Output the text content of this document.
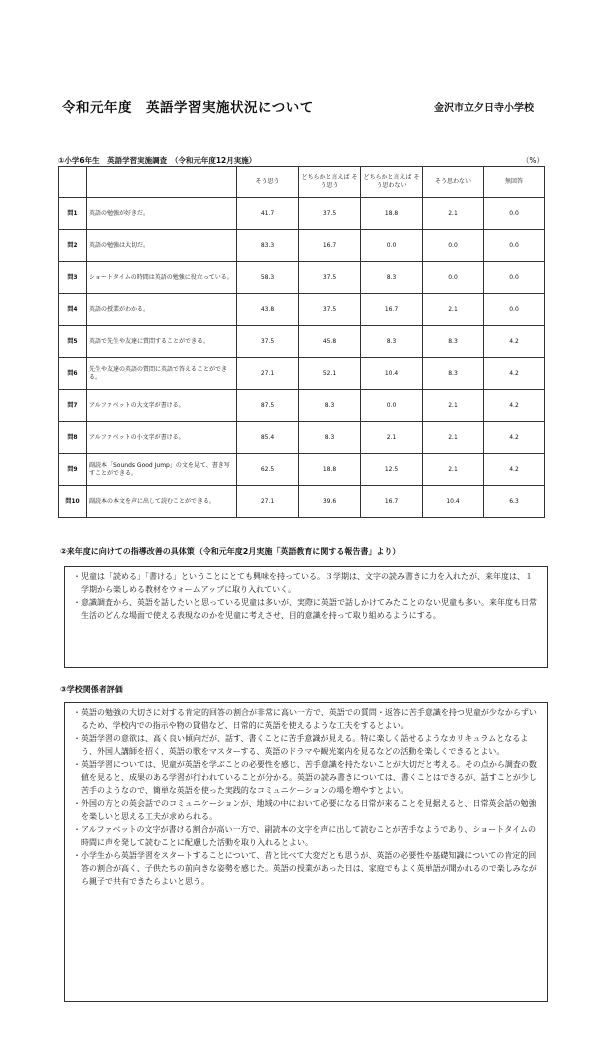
令和元年度　英語学習実施状況について	金沢市立夕日寺小学校
①小学6年生　英語学習実施調査　（令和元年度12月実施）	（%）
		そう思う	どちらかと言えば そう思う	どちらかと言えば そう思わない	そう思わない	無回答
問1	英語の勉強が好きだ。	41.7	37.5	18.8	2.1	0.0
問2	英語の勉強は大切だ。	83.3	16.7	0.0	0.0	0.0
問3	ショートタイムの時間は英語の勉強に役立っている。	58.3	37.5	8.3	0.0	0.0
問4	英語の授業がわかる。	43.8	37.5	16.7	2.1	0.0
問5	英語で先生や友達に質問することができる。	37.5	45.8	8.3	8.3	4.2
問6	先生や友達の英語の質問に英語で答えることができる。	27.1	52.1	10.4	8.3	4.2
問7	アルファベットの大文字が書ける。	87.5	8.3	0.0	2.1	4.2
問8	アルファベットの小文字が書ける。	85.4	8.3	2.1	2.1	4.2
問9	副読本「Sounds Good Jump」の文を見て、書き写すことができる。	62.5	18.8	12.5	2.1	4.2
問10	副読本の本文を声に出して読むことができる。	27.1	39.6	16.7	10.4	6.3
②来年度に向けての指導改善の具体策（令和元年度2月実施「英語教育に関する報告書」より）
・児童は「読める」「書ける」ということにとても興味を持っている。３学期は、文字の読み書きに力を入れたが、来年度は、１学期から楽しめる教材をウォームアップに取り入れていく。
・意識調査から、英語を話したいと思っている児童は多いが、実際に英語で話しかけてみたことのない児童も多い。来年度も日常生活のどんな場面で使える表現なのかを児童に考えさせ、目的意識を持って取り組めるようにする。
③学校関係者評価
・英語の勉強の大切さに対する肯定的回答の割合が非常に高い一方で、英語での質問・返答に苦手意識を持つ児童が少なからずいるため、学校内での指示や物の貸借など、日常的に英語を使えるような工夫をするとよい。
・英語学習の意欲は、高く良い傾向だが、話す、書くことに苦手意識が見える。特に楽しく話せるようなカリキュラムとなるよう、外国人講師を招く、英語の歌をマスターする、英語のドラマや観光案内を見るなどの活動を楽しくできるとよい。
・英語学習については、児童が英語を学ぶことの必要性を感じ、苦手意識を持たないことが大切だと考える。その点から調査の数値を見ると、成果のある学習が行われていることが分かる。英語の読み書きについては、書くことはできるが、話すことが少し苦手のようなので、簡単な英語を使った実践的なコミュニケーションの場を増やすとよい。
・外国の方との英会話でのコミュニケーションが、地域の中において必要になる日常が来ることを見据えると、日常英会話の勉強を楽しいと思える工夫が求められる。
・アルファベットの文字が書ける割合が高い一方で、副読本の文字を声に出して読むことが苦手なようであり、ショートタイムの時間に声を発して読むことに配慮した活動を取り入れるとよい。
・小学生から英語学習をスタートすることについて、昔と比べて大変だとも思うが、英語の必要性や基礎知識についての肯定的回答の割合が高く、子供たちの前向きな姿勢を感じた。英語の授業があった日は、家庭でもよく英単語が聞かれるので楽しみながら親子で共有できたらよいと思う。
